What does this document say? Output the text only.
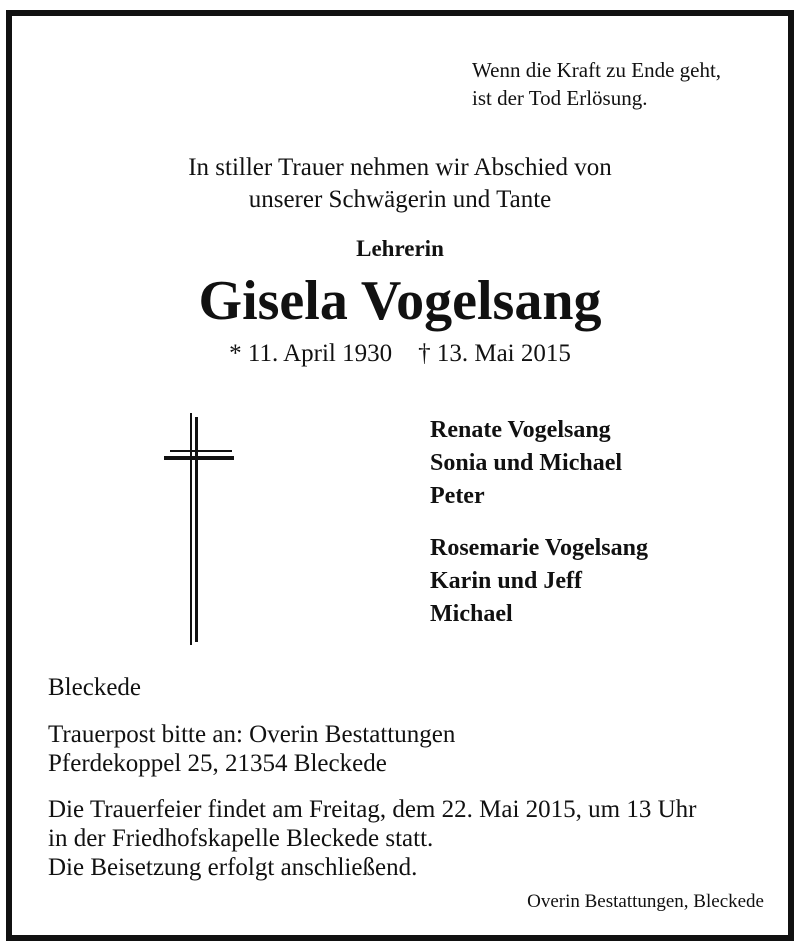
Wenn die Kraft zu Ende geht,
ist der Tod Erlösung.
In stiller Trauer nehmen wir Abschied von
unserer Schwägerin und Tante
Lehrerin
Gisela Vogelsang
* 11. April 1930 † 13. Mai 2015
Renate Vogelsang
Sonia und Michael
Peter
Rosemarie Vogelsang
Karin und Jeff
Michael
Bleckede
Trauerpost bitte an: Overin Bestattungen
Pferdekoppel 25, 21354 Bleckede
Die Trauerfeier findet am Freitag, dem 22. Mai 2015, um 13 Uhr
in der Friedhofskapelle Bleckede statt.
Die Beisetzung erfolgt anschließend.
Overin Bestattungen, Bleckede
